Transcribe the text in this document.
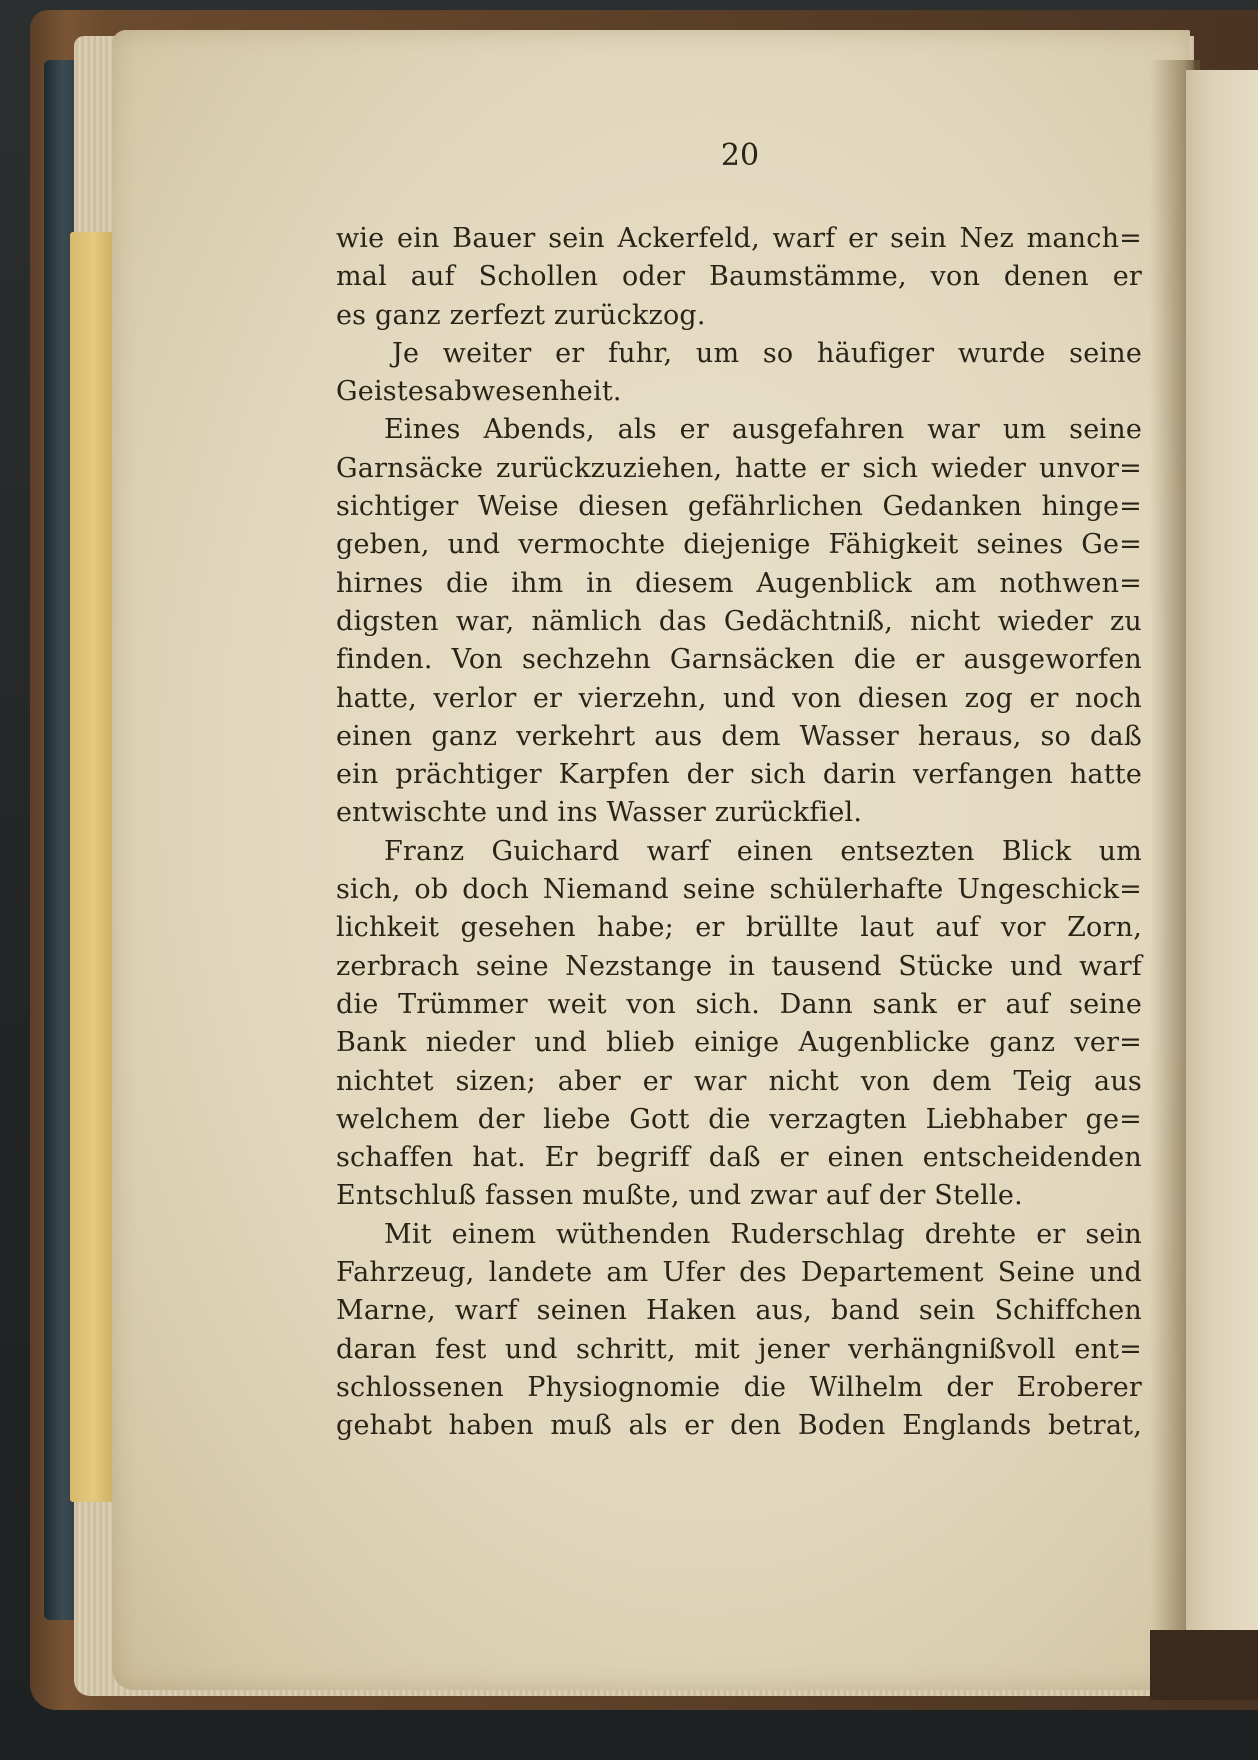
20
wie ein Bauer sein Ackerfeld, warf er sein Nez manch=
mal auf Schollen oder Baumstämme, von denen er
es ganz zerfezt zurückzog.
Je weiter er fuhr, um so häufiger wurde seine
Geistesabwesenheit.
Eines Abends, als er ausgefahren war um seine
Garnsäcke zurückzuziehen, hatte er sich wieder unvor=
sichtiger Weise diesen gefährlichen Gedanken hinge=
geben, und vermochte diejenige Fähigkeit seines Ge=
hirnes die ihm in diesem Augenblick am nothwen=
digsten war, nämlich das Gedächtniß, nicht wieder zu
finden. Von sechzehn Garnsäcken die er ausgeworfen
hatte, verlor er vierzehn, und von diesen zog er noch
einen ganz verkehrt aus dem Wasser heraus, so daß
ein prächtiger Karpfen der sich darin verfangen hatte
entwischte und ins Wasser zurückfiel.
Franz Guichard warf einen entsezten Blick um
sich, ob doch Niemand seine schülerhafte Ungeschick=
lichkeit gesehen habe; er brüllte laut auf vor Zorn,
zerbrach seine Nezstange in tausend Stücke und warf
die Trümmer weit von sich. Dann sank er auf seine
Bank nieder und blieb einige Augenblicke ganz ver=
nichtet sizen; aber er war nicht von dem Teig aus
welchem der liebe Gott die verzagten Liebhaber ge=
schaffen hat. Er begriff daß er einen entscheidenden
Entschluß fassen mußte, und zwar auf der Stelle.
Mit einem wüthenden Ruderschlag drehte er sein
Fahrzeug, landete am Ufer des Departement Seine und
Marne, warf seinen Haken aus, band sein Schiffchen
daran fest und schritt, mit jener verhängnißvoll ent=
schlossenen Physiognomie die Wilhelm der Eroberer
gehabt haben muß als er den Boden Englands betrat,
